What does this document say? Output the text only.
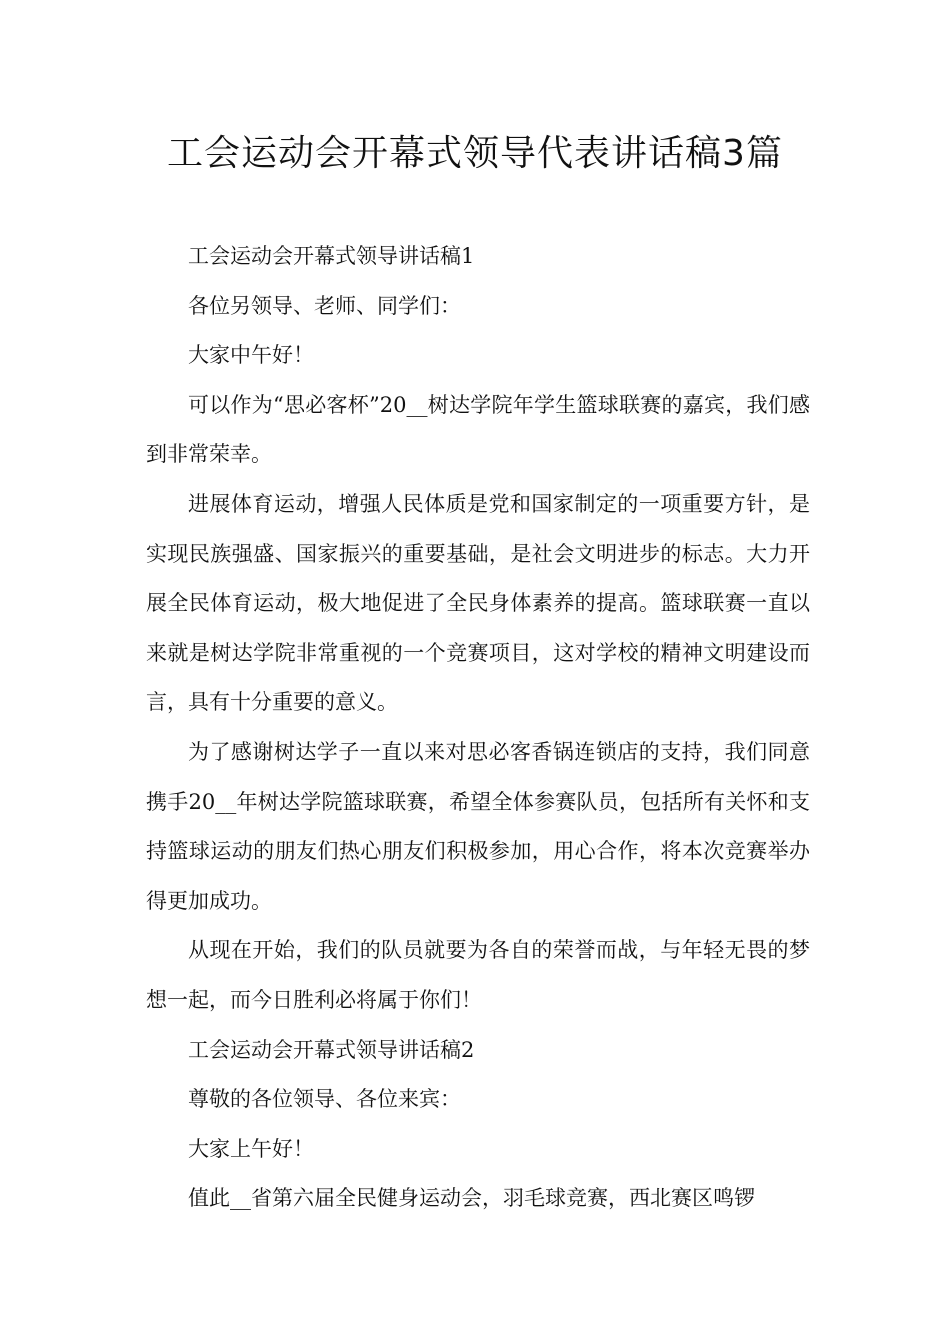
工会运动会开幕式领导代表讲话稿3篇

工会运动会开幕式领导讲话稿1

各位另领导、老师、同学们：

大家中午好！

可以作为“思必客杯”20__树达学院年学生篮球联赛的嘉宾，我们感到非常荣幸。

进展体育运动，增强人民体质是党和国家制定的一项重要方针，是实现民族强盛、国家振兴的重要基础，是社会文明进步的标志。大力开展全民体育运动，极大地促进了全民身体素养的提高。篮球联赛一直以来就是树达学院非常重视的一个竞赛项目，这对学校的精神文明建设而言，具有十分重要的意义。

为了感谢树达学子一直以来对思必客香锅连锁店的支持，我们同意携手20__年树达学院篮球联赛，希望全体参赛队员，包括所有关怀和支持篮球运动的朋友们热心朋友们积极参加，用心合作，将本次竞赛举办得更加成功。

从现在开始，我们的队员就要为各自的荣誉而战，与年轻无畏的梦想一起，而今日胜利必将属于你们！

工会运动会开幕式领导讲话稿2

尊敬的各位领导、各位来宾：

大家上午好！

值此__省第六届全民健身运动会，羽毛球竞赛，西北赛区鸣锣
